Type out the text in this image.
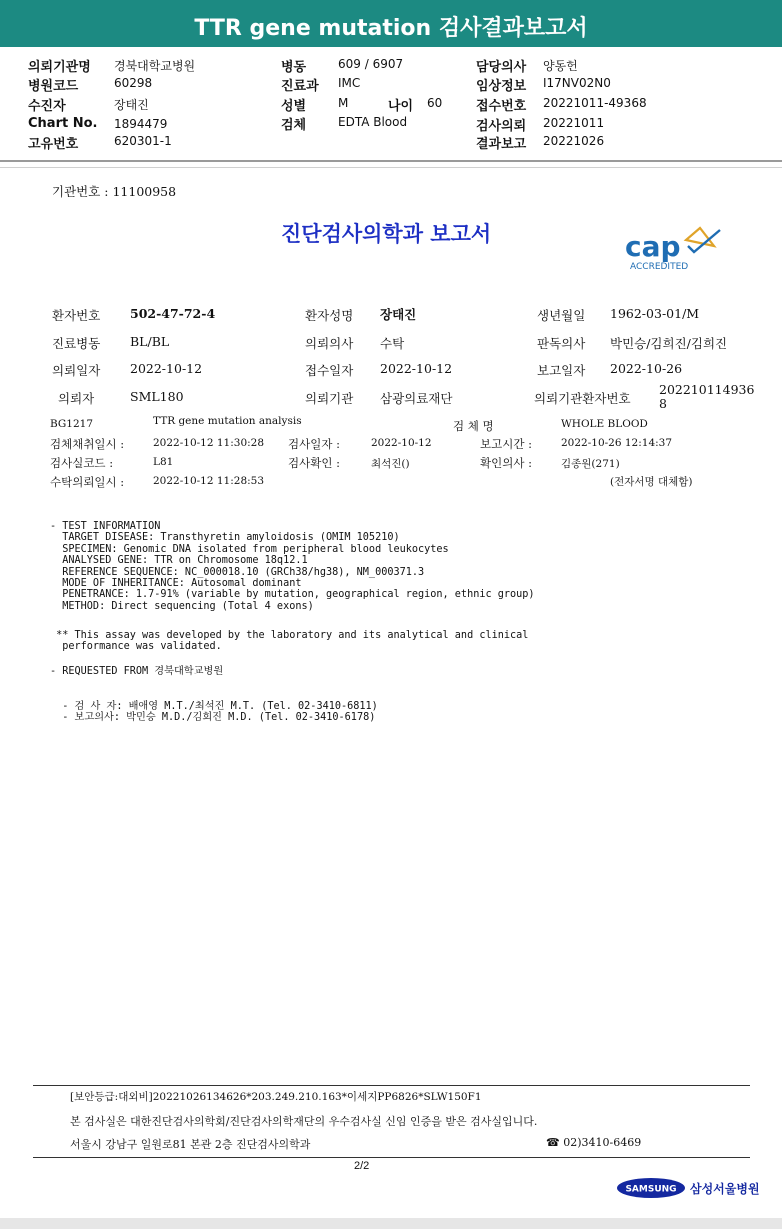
TTR gene mutation 검사결과보고서
의뢰기관명 경북대학교병원
병원코드	60298
수진자	장태진
Chart No. 1894479
고유번호	620301-1
병동	609 / 6907
진료과 IMC
성별	M	나이 60
검체	EDTA Blood
담당의사 양동헌
임상정보 I17NV02N0
접수번호 20221011-49368
검사의뢰 20221011
결과보고 20221026
기관번호 : 11100958
진단검사의학과 보고서	cap
ACCREDITED
환자번호 502-47-72-4	환자성명 장태진	생년월일 1962-03-01/M
진료병동 BL/BL	의뢰의사 수탁	판독의사 박민승/김희진/김희진
의뢰일자 2022-10-12	접수일자 2022-10-12	보고일자 2022-10-26
의뢰자	SML180	의뢰기관 삼광의료재단	의뢰기관환자번호
202210114936
8
BG1217	TTR gene mutation analysis	검 체 명	WHOLE BLOOD
검체채취일시 :	2022-10-12 11:30:28 검사일자 :	2022-10-12	보고시간 :	2022-10-26 12:14:37
검사실코드 :	L81	검사확인 :	최석진()	확인의사 :	김종원(271)
수탁의뢰일시 :	2022-10-12 11:28:53	(전자서명 대체함)
- TEST INFORMATION
TARGET DISEASE: Transthyretin amyloidosis (OMIM 105210)
SPECIMEN: Genomic DNA isolated from peripheral blood leukocytes
ANALYSED GENE: TTR on Chromosome 18q12.1
REFERENCE SEQUENCE: NC_000018.10 (GRCh38/hg38), NM_000371.3
MODE OF INHERITANCE: Autosomal dominant
PENETRANCE: 1.7-91% (variable by mutation, geographical region, ethnic group)
METHOD: Direct sequencing (Total 4 exons)
** This assay was developed by the laboratory and its analytical and clinical
performance was validated.
- REQUESTED FROM 경북대학교병원
- 검 사 자: 배애영 M.T./최석진 M.T. (Tel. 02-3410-6811)
- 보고의사: 박민승 M.D./김희진 M.D. (Tel. 02-3410-6178)
[보안등급:대외비]20221026134626*203.249.210.163*이세지PP6826*SLW150F1
본 검사실은 대한진단검사의학회/진단검사의학재단의 우수검사실 신임 인증을 받은 검사실입니다.
서울시 강남구 일원로81 본관 2층 진단검사의학과	☎ 02)3410-6469
2/2
SAMSUNG 삼성서울병원
